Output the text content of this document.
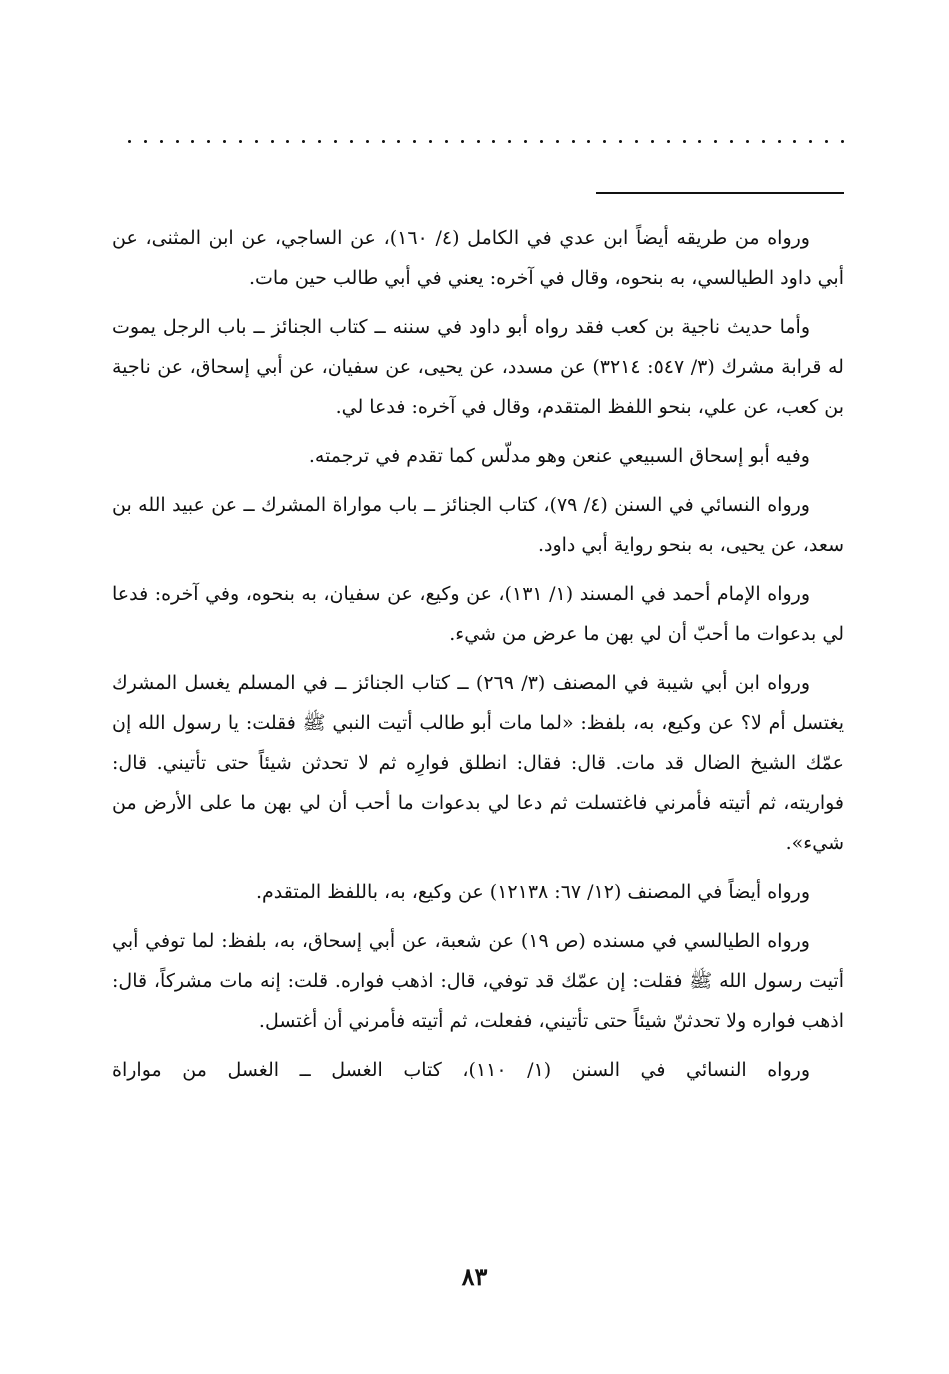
ورواه من طريقه أيضاً ابن عدي في الكامل (٤/ ١٦٠)، عن الساجي، عن ابن المثنى، عن أبي داود الطيالسي، به بنحوه، وقال في آخره: يعني في أبي طالب حين مات.

وأما حديث ناجية بن كعب فقد رواه أبو داود في سننه ــ كتاب الجنائز ــ باب الرجل يموت له قرابة مشرك (٣/ ٥٤٧: ٣٢١٤) عن مسدد، عن يحيى، عن سفيان، عن أبي إسحاق، عن ناجية بن كعب، عن علي، بنحو اللفظ المتقدم، وقال في آخره: فدعا لي.

وفيه أبو إسحاق السبيعي عنعن وهو مدلّس كما تقدم في ترجمته.

ورواه النسائي في السنن (٤/ ٧٩)، كتاب الجنائز ــ باب مواراة المشرك ــ عن عبيد الله بن سعد، عن يحيى، به بنحو رواية أبي داود.

ورواه الإمام أحمد في المسند (١/ ١٣١)، عن وكيع، عن سفيان، به بنحوه، وفي آخره: فدعا لي بدعوات ما أحبّ أن لي بهن ما عرض من شيء.

ورواه ابن أبي شيبة في المصنف (٣/ ٢٦٩) ــ كتاب الجنائز ــ في المسلم يغسل المشرك يغتسل أم لا؟ عن وكيع، به، بلفظ: «لما مات أبو طالب أتيت النبي ﷺ فقلت: يا رسول الله إن عمّك الشيخ الضال قد مات. قال: فقال: انطلق فوارِه ثم لا تحدثن شيئاً حتى تأتيني. قال: فواريته، ثم أتيته فأمرني فاغتسلت ثم دعا لي بدعوات ما أحب أن لي بهن ما على الأرض من شيء».

ورواه أيضاً في المصنف (١٢/ ٦٧: ١٢١٣٨) عن وكيع، به، باللفظ المتقدم.

ورواه الطيالسي في مسنده (ص ١٩) عن شعبة، عن أبي إسحاق، به، بلفظ: لما توفي أبي أتيت رسول الله ﷺ فقلت: إن عمّك قد توفي، قال: اذهب فواره. قلت: إنه مات مشركاً، قال: اذهب فواره ولا تحدثنّ شيئاً حتى تأتيني، ففعلت، ثم أتيته فأمرني أن أغتسل.

ورواه النسائي في السنن (١/ ١١٠)، كتاب الغسل ــ الغسل من مواراة

٨٣
